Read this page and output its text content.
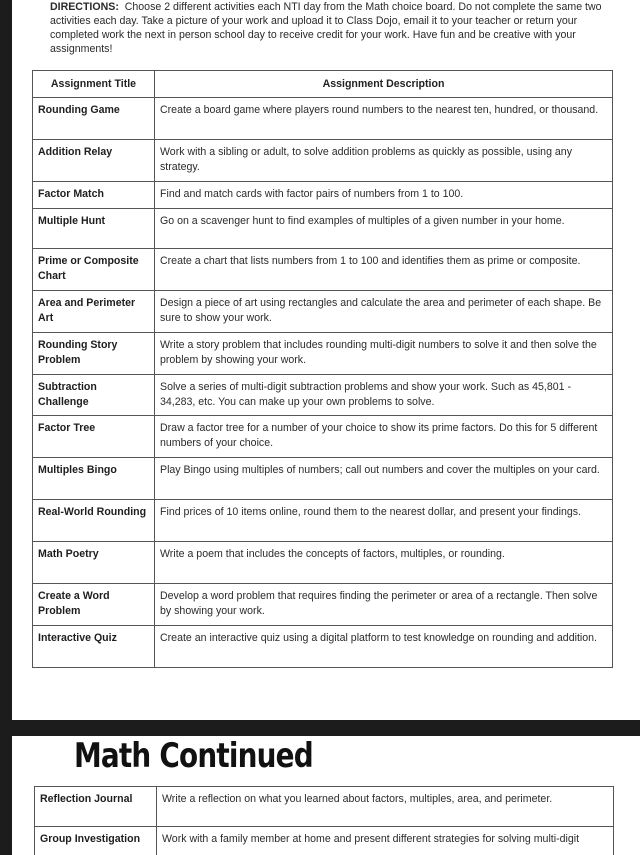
DIRECTIONS: Choose 2 different activities each NTI day from the Math choice board. Do not complete the same two activities each day. Take a picture of your work and upload it to Class Dojo, email it to your teacher or return your completed work the next in person school day to receive credit for your work. Have fun and be creative with your assignments!
Assignment Title	Assignment Description
Rounding Game	Create a board game where players round numbers to the nearest ten, hundred, or thousand.
Addition Relay	Work with a sibling or adult, to solve addition problems as quickly as possible, using any strategy.
Factor Match	Find and match cards with factor pairs of numbers from 1 to 100.
Multiple Hunt	Go on a scavenger hunt to find examples of multiples of a given number in your home.
Prime or Composite Chart	Create a chart that lists numbers from 1 to 100 and identifies them as prime or composite.
Area and Perimeter Art	Design a piece of art using rectangles and calculate the area and perimeter of each shape. Be sure to show your work.
Rounding Story Problem	Write a story problem that includes rounding multi-digit numbers to solve it and then solve the problem by showing your work.
Subtraction Challenge	Solve a series of multi-digit subtraction problems and show your work. Such as 45,801 - 34,283, etc. You can make up your own problems to solve.
Factor Tree	Draw a factor tree for a number of your choice to show its prime factors. Do this for 5 different numbers of your choice.
Multiples Bingo	Play Bingo using multiples of numbers; call out numbers and cover the multiples on your card.
Real-World Rounding	Find prices of 10 items online, round them to the nearest dollar, and present your findings.
Math Poetry	Write a poem that includes the concepts of factors, multiples, or rounding.
Create a Word Problem	Develop a word problem that requires finding the perimeter or area of a rectangle. Then solve by showing your work.
Interactive Quiz	Create an interactive quiz using a digital platform to test knowledge on rounding and addition.
Math Continued
Reflection Journal	Write a reflection on what you learned about factors, multiples, area, and perimeter.
Group Investigation	Work with a family member at home and present different strategies for solving multi-digit
